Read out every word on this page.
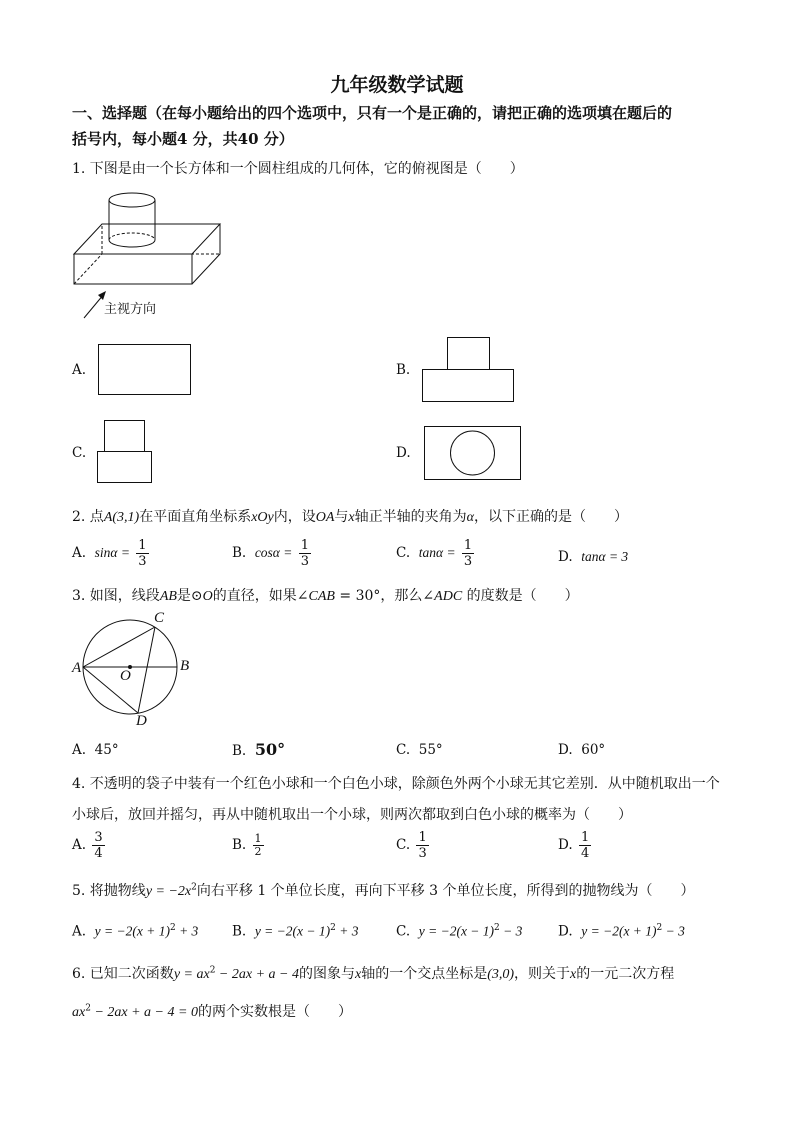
九年级数学试题
一、选择题（在每小题给出的四个选项中，只有一个是正确的，请把正确的选项填在题后的
括号内，每小题4 分，共40 分）
1. 下图是由一个长方体和一个圆柱组成的几何体，它的俯视图是（　　）
主视方向
A.	B.
C.	D.
2. 点A(3,1)在平面直角坐标系xOy内，设OA与x轴正半轴的夹角为α，以下正确的是（　　）
A. $\sin\alpha = \frac{1}{3}$	B. $\cos\alpha = \frac{1}{3}$	C. $\tan\alpha = \frac{1}{3}$	D. tanα = 3
3. 如图，线段AB是⊙O的直径，如果∠CAB = 30°，那么∠ADC 的度数是（　　）
A	B
C
D
O
A. 45°	B. 50°	C. 55°	D. 60°
4. 不透明的袋子中装有一个红色小球和一个白色小球，除颜色外两个小球无其它差别．从中随机取出一个
小球后，放回并摇匀，再从中随机取出一个小球，则两次都取到白色小球的概率为（　　）
A. $\frac{3}{4}$	B. $\frac{1}{2}$	C. $\frac{1}{3}$	D. $\frac{1}{4}$
5. 将抛物线$y = -2x^2$向右平移 1 个单位长度，再向下平移 3 个单位长度，所得到的抛物线为（　　）
A. $y = -2(x + 1)^2 + 3$ B. $y = -2(x - 1)^2 + 3$	C. $y = -2(x - 1)^2 - 3$	D. $y = -2(x + 1)^2 - 3$
6. 已知二次函数$y = ax^2 - 2ax + a - 4$的图象与x轴的一个交点坐标是(3,0)，则关于x的一元二次方程
$ax^2 - 2ax + a - 4 = 0$的两个实数根是（　　）
